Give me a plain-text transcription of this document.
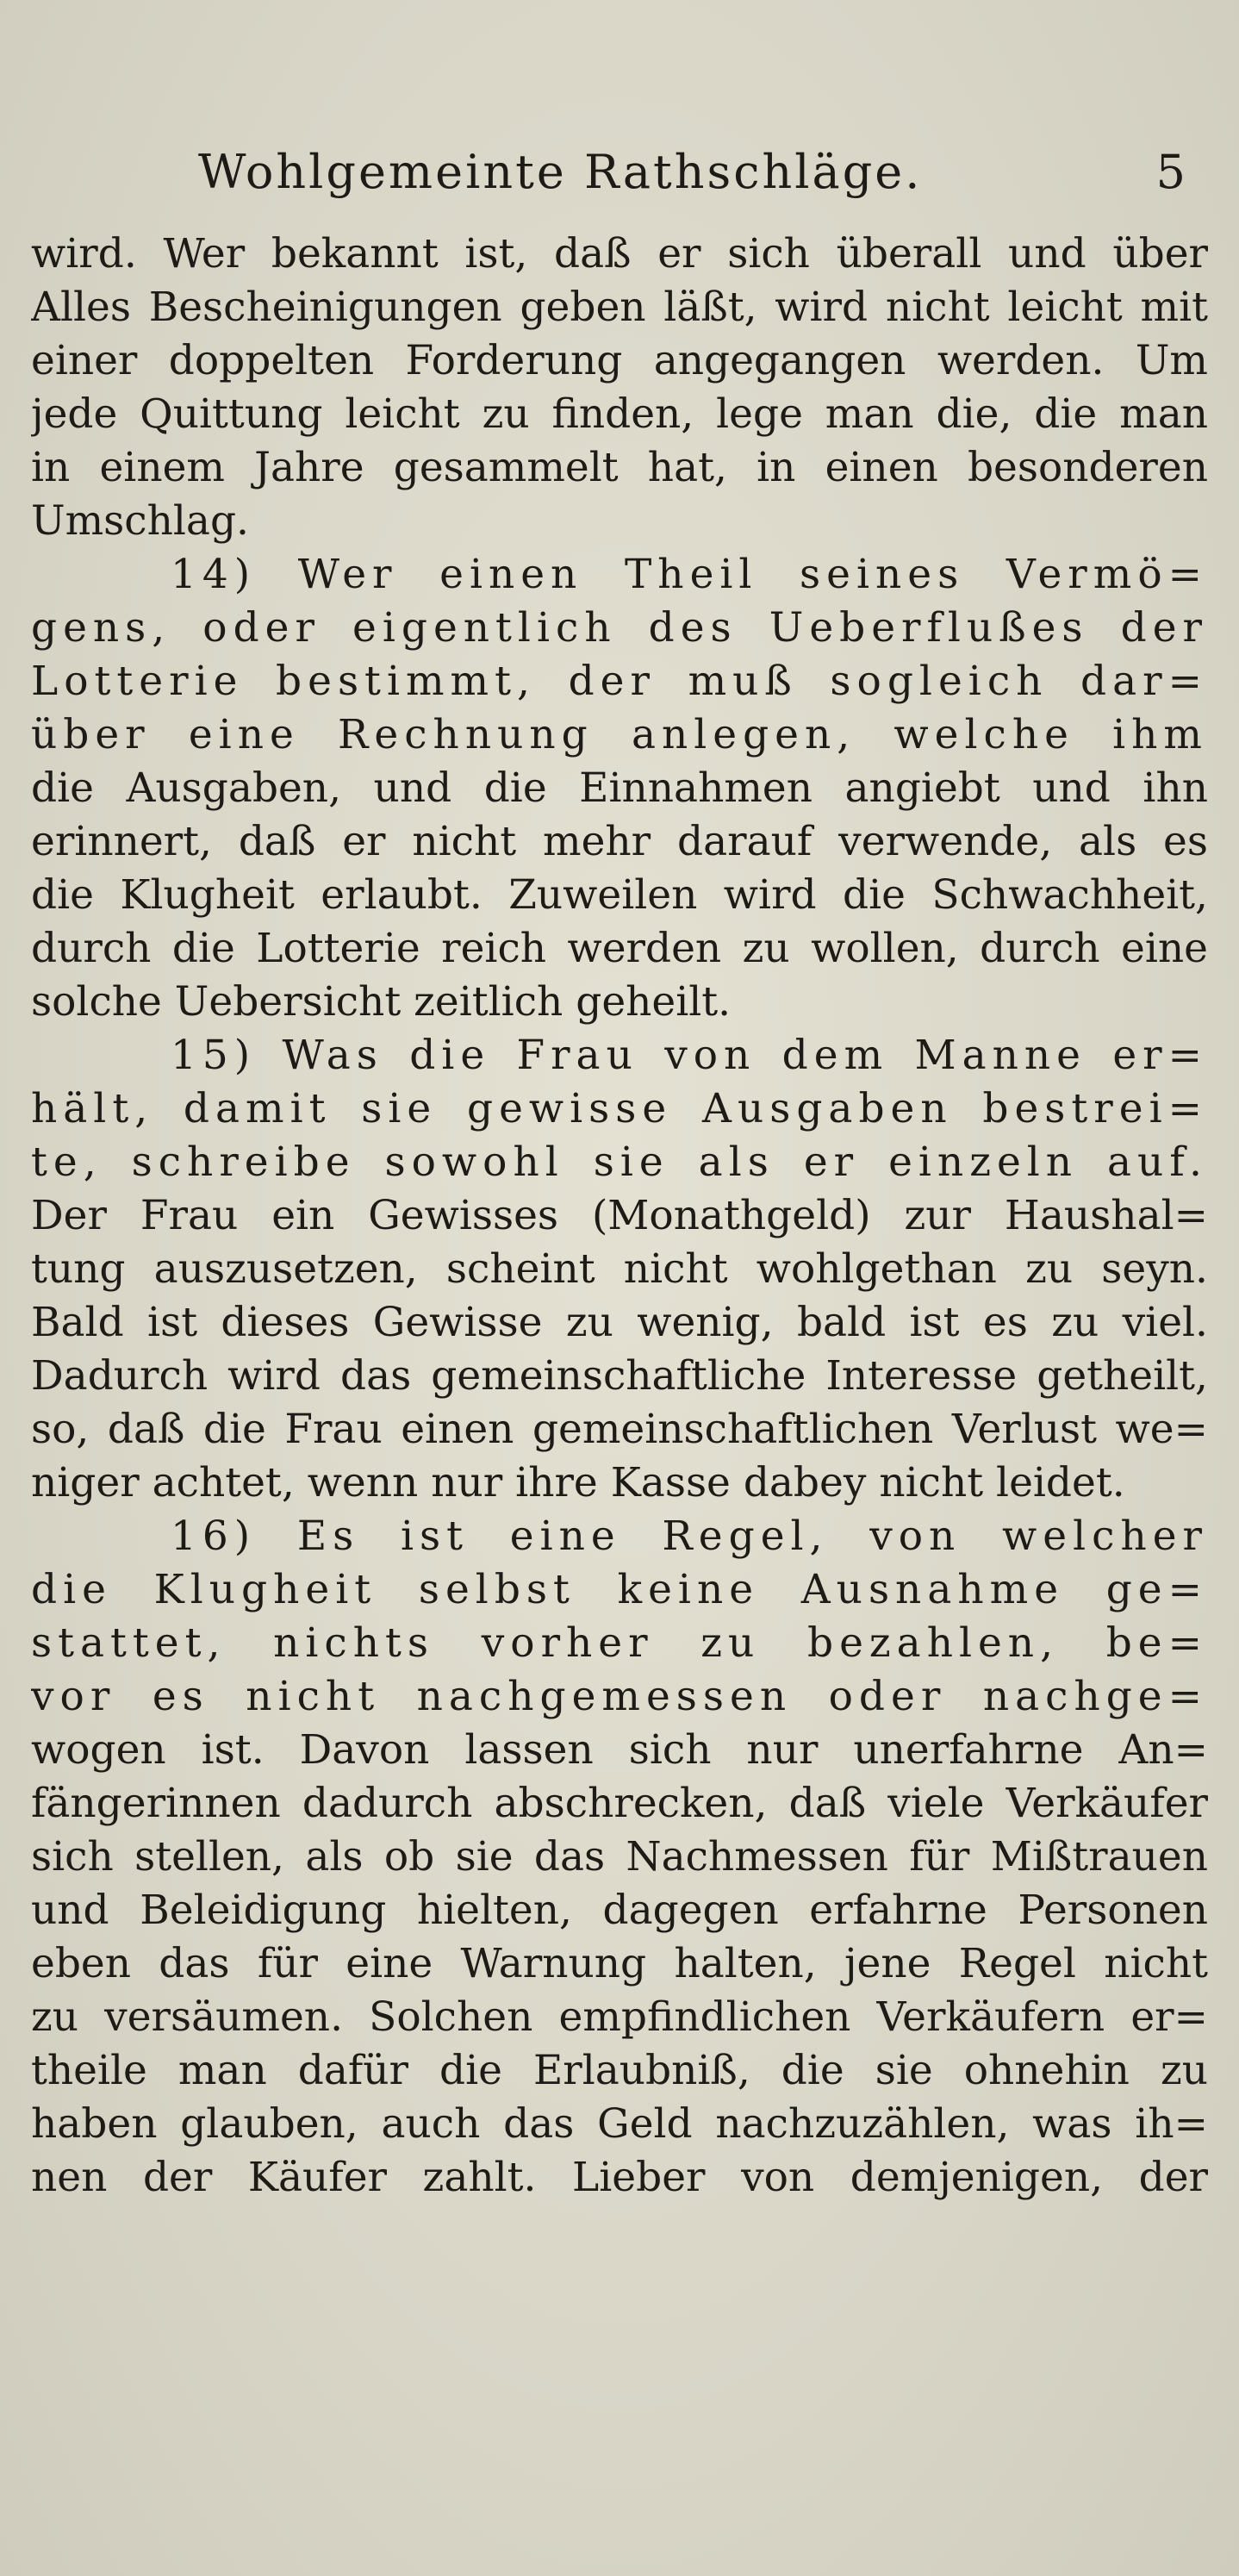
Wohlgemeinte Rathschläge.	5
wird. Wer bekannt ist, daß er sich überall und über
Alles Bescheinigungen geben läßt, wird nicht leicht mit
einer doppelten Forderung angegangen werden. Um
jede Quittung leicht zu finden, lege man die, die man
in einem Jahre gesammelt hat, in einen besonderen
Umschlag.
14) Wer einen Theil seines Vermö=
gens, oder eigentlich des Ueberflußes der
Lotterie bestimmt, der muß sogleich dar=
über eine Rechnung anlegen, welche ihm
die Ausgaben, und die Einnahmen angiebt und ihn
erinnert, daß er nicht mehr darauf verwende, als es
die Klugheit erlaubt. Zuweilen wird die Schwachheit,
durch die Lotterie reich werden zu wollen, durch eine
solche Uebersicht zeitlich geheilt.
15) Was die Frau von dem Manne er=
hält, damit sie gewisse Ausgaben bestrei=
te, schreibe sowohl sie als er einzeln auf.
Der Frau ein Gewisses (Monathgeld) zur Haushal=
tung auszusetzen, scheint nicht wohlgethan zu seyn.
Bald ist dieses Gewisse zu wenig, bald ist es zu viel.
Dadurch wird das gemeinschaftliche Interesse getheilt,
so, daß die Frau einen gemeinschaftlichen Verlust we=
niger achtet, wenn nur ihre Kasse dabey nicht leidet.
16) Es ist eine Regel, von welcher
die Klugheit selbst keine Ausnahme ge=
stattet, nichts vorher zu bezahlen, be=
vor es nicht nachgemessen oder nachge=
wogen ist. Davon lassen sich nur unerfahrne An=
fängerinnen dadurch abschrecken, daß viele Verkäufer
sich stellen, als ob sie das Nachmessen für Mißtrauen
und Beleidigung hielten, dagegen erfahrne Personen
eben das für eine Warnung halten, jene Regel nicht
zu versäumen. Solchen empfindlichen Verkäufern er=
theile man dafür die Erlaubniß, die sie ohnehin zu
haben glauben, auch das Geld nachzuzählen, was ih=
nen der Käufer zahlt. Lieber von demjenigen, der
